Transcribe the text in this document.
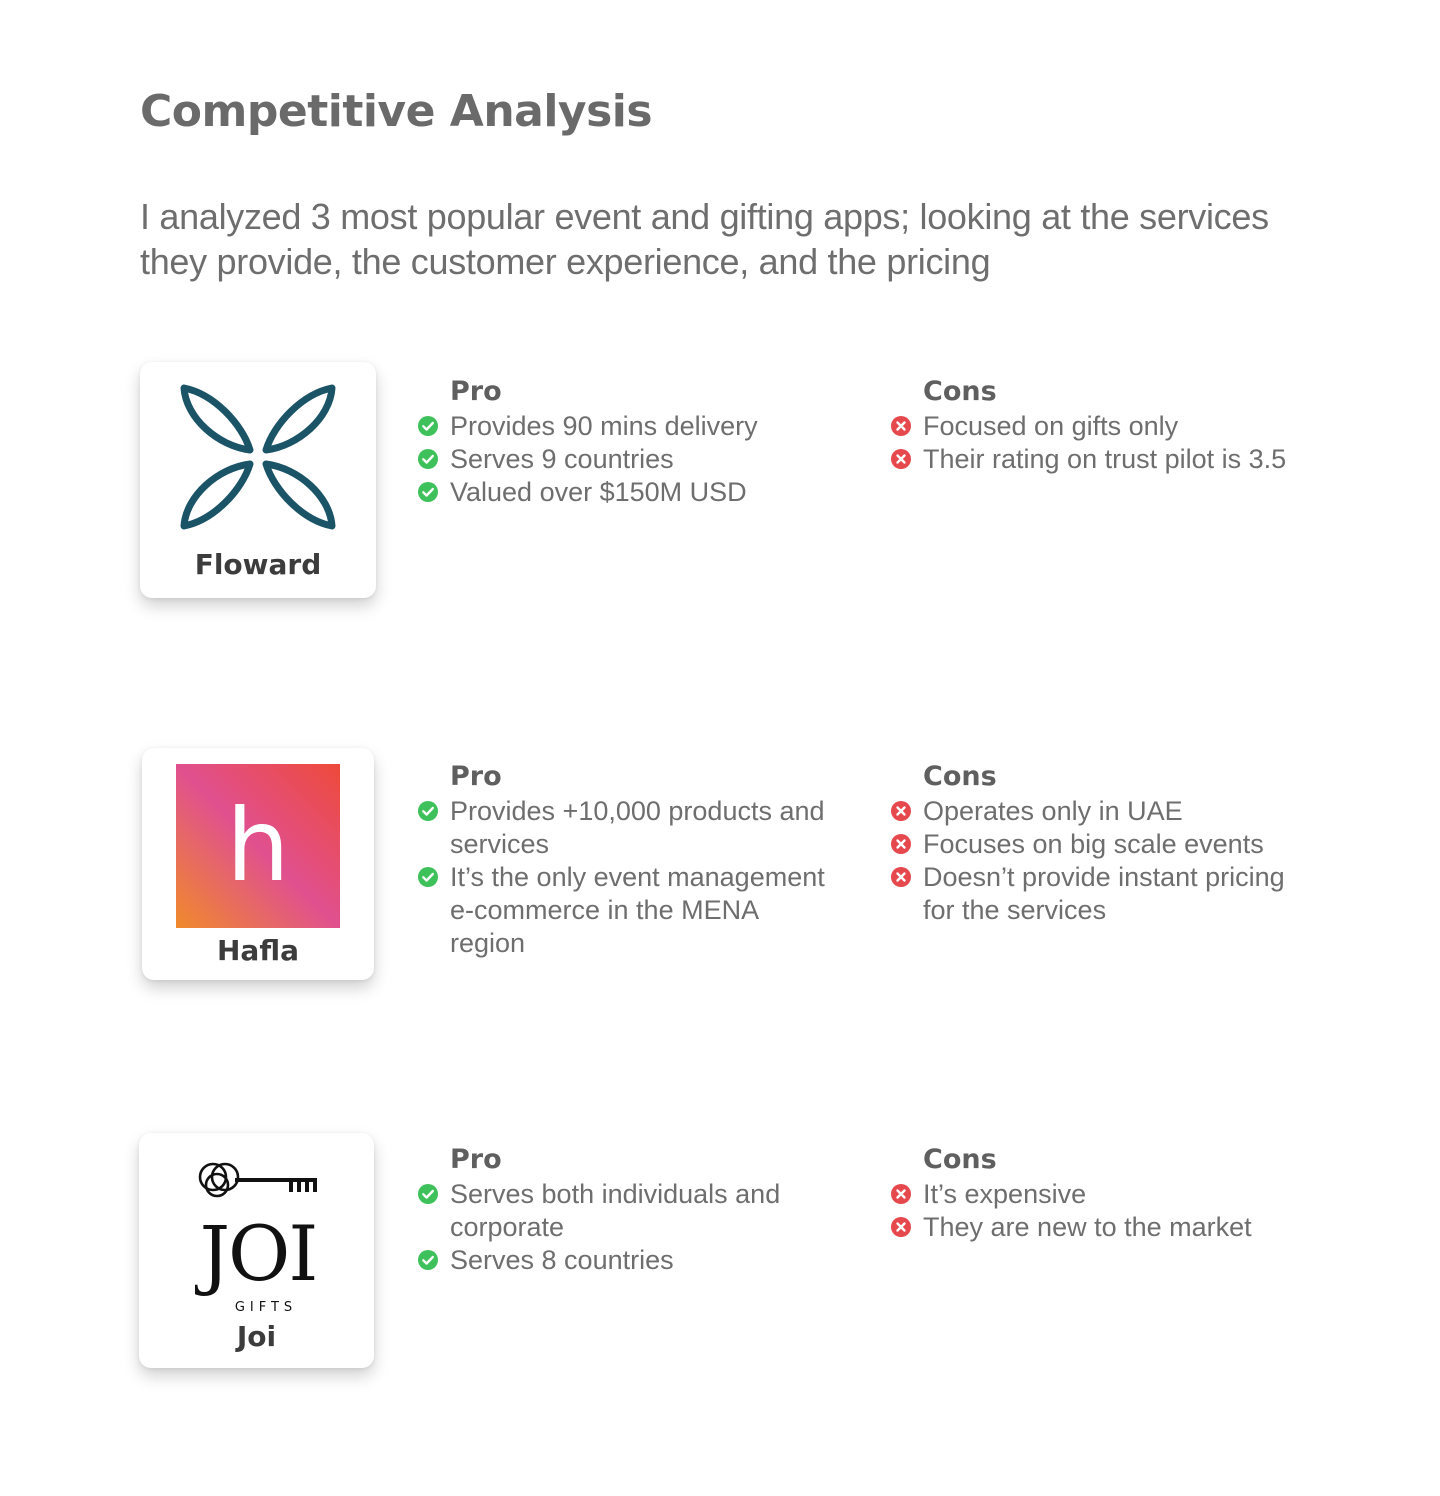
Competitive Analysis

I analyzed 3 most popular event and gifting apps; looking at the services they provide, the customer experience, and the pricing

Floward
Pro
Provides 90 mins delivery
Serves 9 countries
Valued over $150M USD
Cons
Focused on gifts only
Their rating on trust pilot is 3.5
h
Hafla
Pro
Provides +10,000 products and services
It’s the only event management e-commerce in the MENA region
Cons
Operates only in UAE
Focuses on big scale events
Doesn’t provide instant pricing for the services
JOI
GIFTS
Joi
Pro
Serves both individuals and corporate
Serves 8 countries
Cons
It’s expensive
They are new to the market
